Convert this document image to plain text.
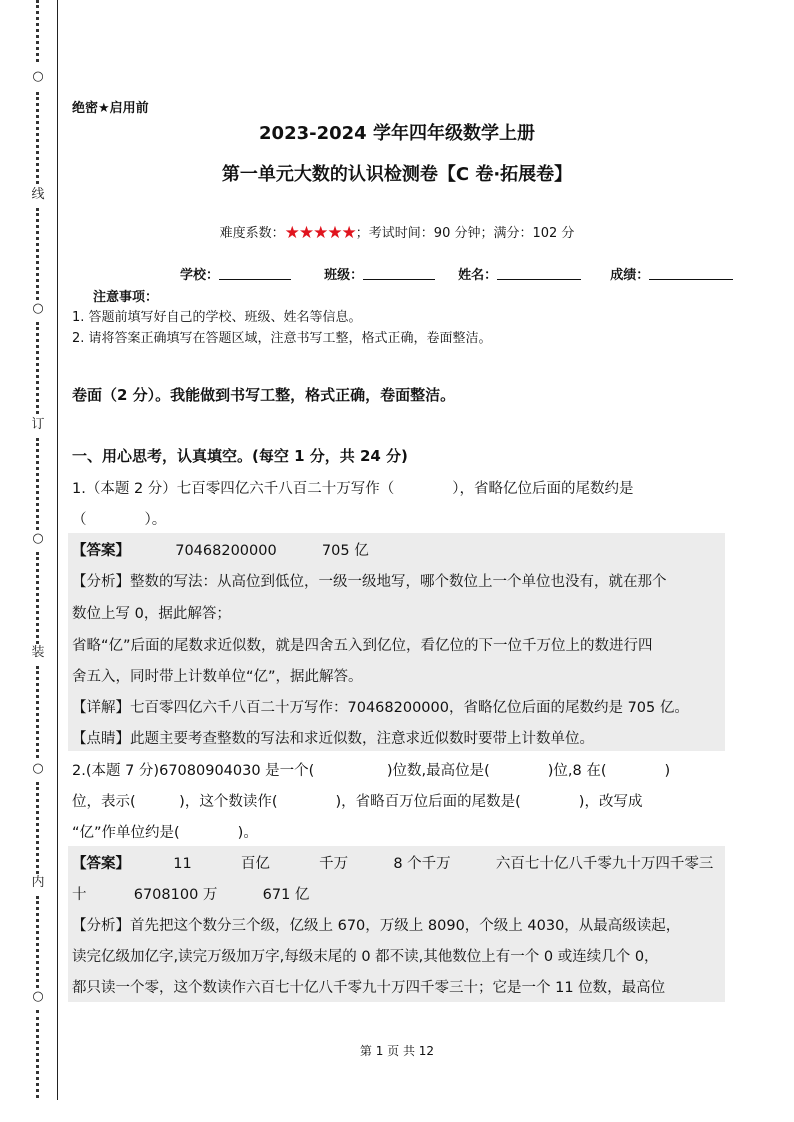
○
线
○
订
○
装
○
内
○
绝密★启用前
2023-2024 学年四年级数学上册
第一单元大数的认识检测卷【C 卷·拓展卷】
难度系数：★★★★★；考试时间：90 分钟；满分：102 分
学校：	班级：	姓名：	成绩：
注意事项：
1. 答题前填写好自己的学校、班级、姓名等信息。
2. 请将答案正确填写在答题区域，注意书写工整，格式正确，卷面整洁。
卷面（2 分）。我能做到书写工整，格式正确，卷面整洁。
一、用心思考，认真填空。(每空 1 分，共 24 分)
1.（本题 2 分）七百零四亿六千八百二十万写作（　　　　），省略亿位后面的尾数约是
（　　　　）。
【答案】	70468200000	705 亿
【分析】整数的写法：从高位到低位，一级一级地写，哪个数位上一个单位也没有，就在那个
数位上写 0，据此解答；
省略“亿”后面的尾数求近似数，就是四舍五入到亿位，看亿位的下一位千万位上的数进行四
舍五入，同时带上计数单位“亿”，据此解答。
【详解】七百零四亿六千八百二十万写作：70468200000，省略亿位后面的尾数约是 705 亿。
【点睛】此题主要考查整数的写法和求近似数，注意求近似数时要带上计数单位。
2.(本题 7 分)67080904030 是一个(　　　　　)位数,最高位是(　　　　)位,8 在(　　　　)
位，表示(　　　)，这个数读作(　　　　)，省略百万位后面的尾数是(　　　　)，改写成
“亿”作单位约是(　　　　)。
【答案】	11	百亿	千万	8 个千万	六百七十亿八千零九十万四千零三
十	6708100 万	671 亿
【分析】首先把这个数分三个级，亿级上 670，万级上 8090，个级上 4030，从最高级读起，
读完亿级加亿字,读完万级加万字,每级末尾的 0 都不读,其他数位上有一个 0 或连续几个 0，
都只读一个零，这个数读作六百七十亿八千零九十万四千零三十；它是一个 11 位数，最高位
第 1 页 共 12
